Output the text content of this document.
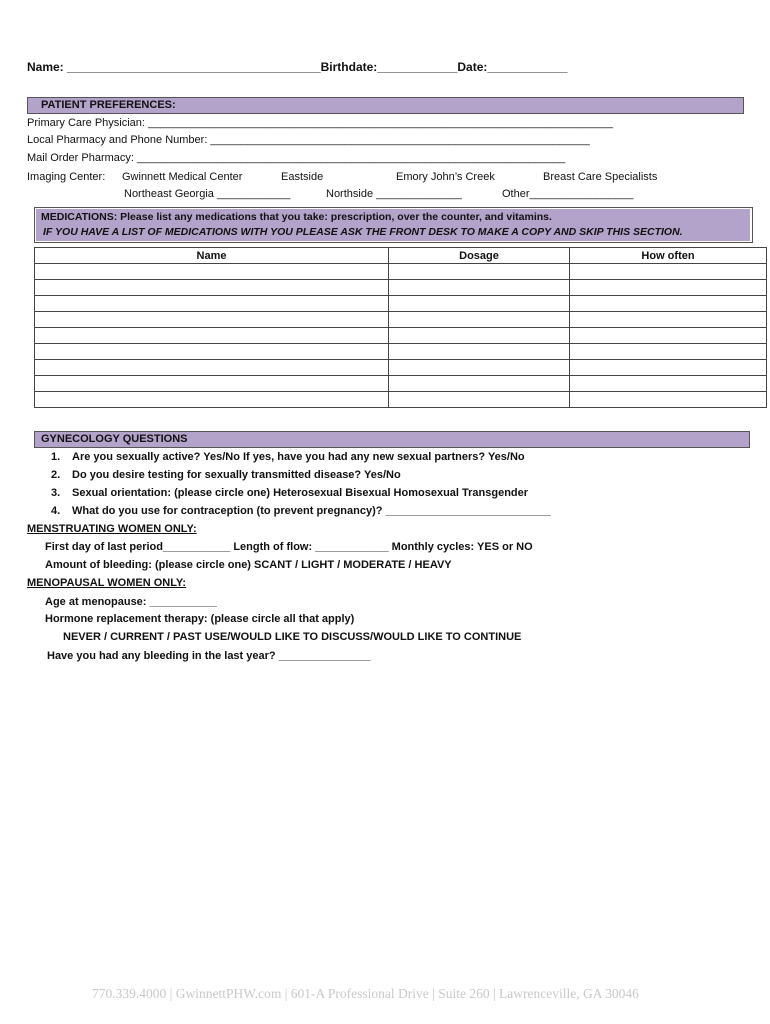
Name: ______________________________________Birthdate:____________Date:____________
PATIENT PREFERENCES:
Primary Care Physician: ____________________________________________________________________________
Local Pharmacy and Phone Number: ______________________________________________________________
Mail Order Pharmacy: ______________________________________________________________________
Imaging Center: Gwinnett Medical Center	Eastside	Emory John’s Creek	Breast Care Specialists
Northeast Georgia ____________	Northside ______________	Other_________________
MEDICATIONS: Please list any medications that you take: prescription, over the counter, and vitamins.
IF YOU HAVE A LIST OF MEDICATIONS WITH YOU PLEASE ASK THE FRONT DESK TO MAKE A COPY AND SKIP THIS SECTION.
Name	Dosage	How often

GYNECOLOGY QUESTIONS
1. Are you sexually active? Yes/No If yes, have you had any new sexual partners? Yes/No
2. Do you desire testing for sexually transmitted disease? Yes/No
3. Sexual orientation: (please circle one) Heterosexual Bisexual Homosexual Transgender
4. What do you use for contraception (to prevent pregnancy)? ___________________________
MENSTRUATING WOMEN ONLY:
First day of last period___________ Length of flow: ____________ Monthly cycles: YES or NO
Amount of bleeding: (please circle one) SCANT / LIGHT / MODERATE / HEAVY
MENOPAUSAL WOMEN ONLY:
Age at menopause: ___________
Hormone replacement therapy: (please circle all that apply)
NEVER / CURRENT / PAST USE/WOULD LIKE TO DISCUSS/WOULD LIKE TO CONTINUE
Have you had any bleeding in the last year? _______________
770.339.4000 | GwinnettPHW.com | 601-A Professional Drive | Suite 260 | Lawrenceville, GA 30046
